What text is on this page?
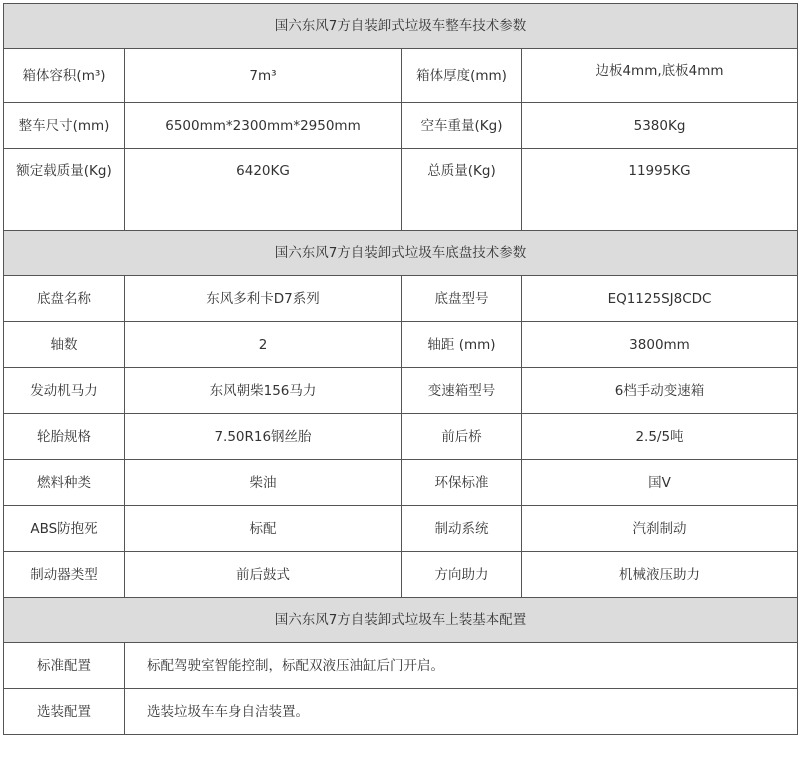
国六东风7方自装卸式垃圾车整车技术参数			
箱体容积(m³)	7m³	箱体厚度(mm)	边板4mm,底板4mm
整车尺寸(mm)	6500mm*2300mm*2950mm	空车重量(Kg)	5380Kg
额定载质量(Kg)	6420KG	总质量(Kg)	11995KG
国六东风7方自装卸式垃圾车底盘技术参数			
底盘名称	东风多利卡D7系列	底盘型号	EQ1125SJ8CDC
轴数	2	轴距 (mm)	3800mm
发动机马力	东风朝柴156马力	变速箱型号	6档手动变速箱
轮胎规格	7.50R16钢丝胎	前后桥	2.5/5吨
燃料种类	柴油	环保标准	国V
ABS防抱死	标配	制动系统	汽刹制动
制动器类型	前后鼓式	方向助力	机械液压助力
国六东风7方自装卸式垃圾车上装基本配置			
标准配置	标配驾驶室智能控制，标配双液压油缸后门开启。		
选装配置	选装垃圾车车身自洁装置。		
